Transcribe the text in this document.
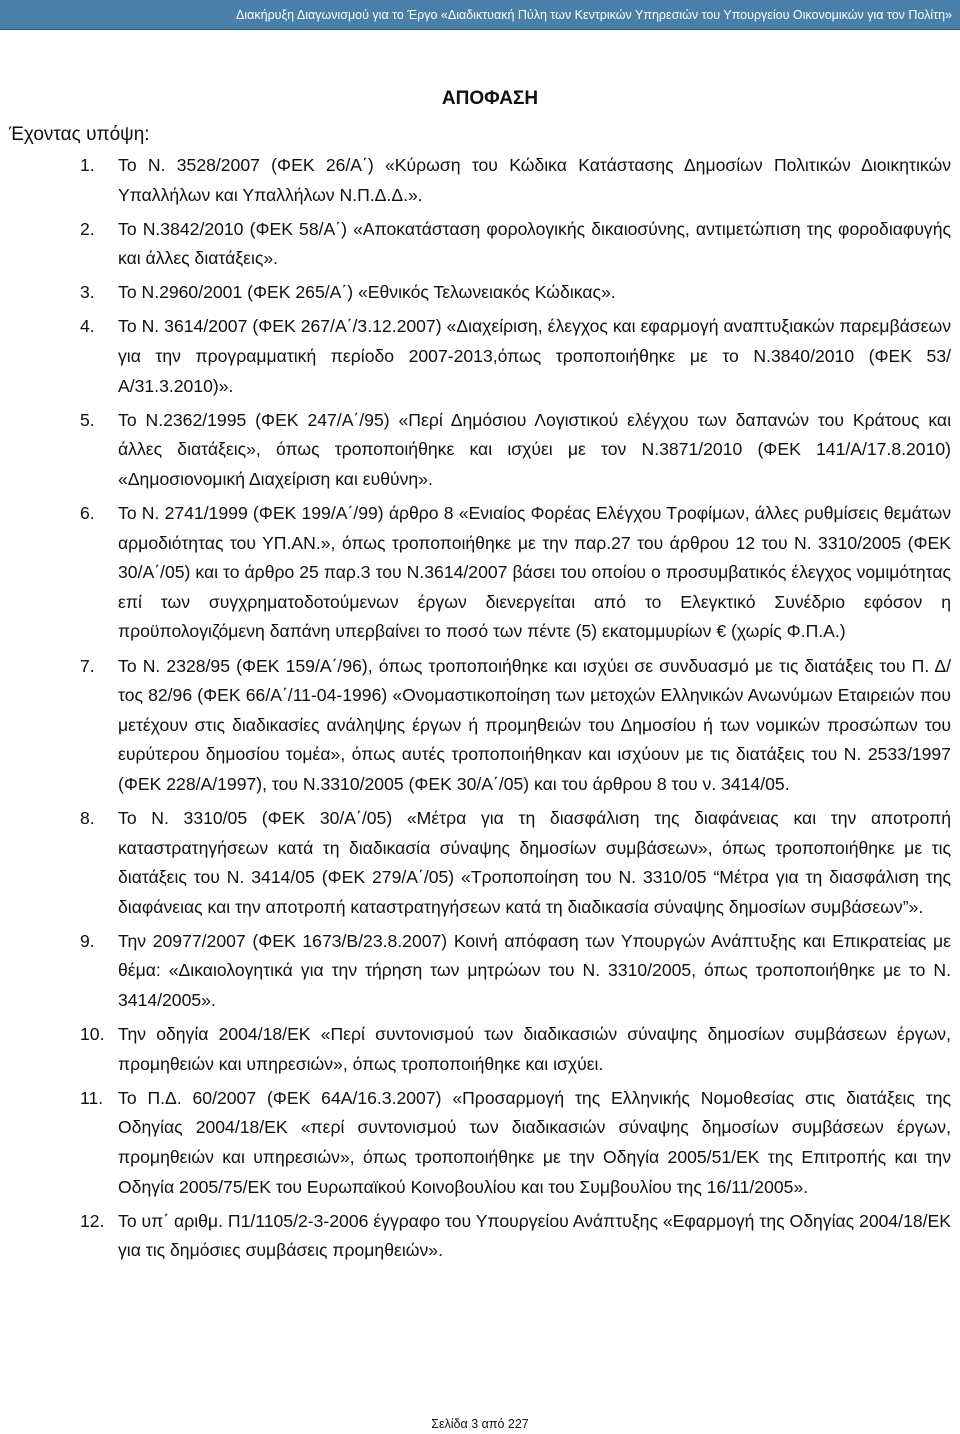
Διακήρυξη Διαγωνισμού για το Έργο «Διαδικτυακή Πύλη των Κεντρικών Υπηρεσιών του Υπουργείου Οικονομικών για τον Πολίτη»
ΑΠΟΦΑΣΗ
Έχοντας υπόψη:
1. Το Ν. 3528/2007 (ΦΕΚ 26/Α΄) «Κύρωση του Κώδικα Κατάστασης Δημοσίων Πολιτικών Διοικητικών Υπαλλήλων και Υπαλλήλων Ν.Π.Δ.Δ.».
2. Το Ν.3842/2010 (ΦΕΚ 58/Α΄) «Αποκατάσταση φορολογικής δικαιοσύνης, αντιμετώπιση της φοροδιαφυγής και άλλες διατάξεις».
3. Το Ν.2960/2001 (ΦΕΚ 265/Α΄) «Εθνικός Τελωνειακός Κώδικας».
4. Το Ν. 3614/2007 (ΦΕΚ 267/Α΄/3.12.2007) «Διαχείριση, έλεγχος και εφαρμογή αναπτυξιακών παρεμβάσεων για την προγραμματική περίοδο 2007-2013,όπως τροποποιήθηκε με το Ν.3840/2010 (ΦΕΚ 53/Α/31.3.2010)».
5. Το Ν.2362/1995 (ΦΕΚ 247/Α΄/95) «Περί Δημόσιου Λογιστικού ελέγχου των δαπανών του Κράτους και άλλες διατάξεις», όπως τροποποιήθηκε και ισχύει με τον Ν.3871/2010 (ΦΕΚ 141/Α/17.8.2010) «Δημοσιονομική Διαχείριση και ευθύνη».
6. Το Ν. 2741/1999 (ΦΕΚ 199/Α΄/99) άρθρο 8 «Ενιαίος Φορέας Ελέγχου Τροφίμων, άλλες ρυθμίσεις θεμάτων αρμοδιότητας του ΥΠ.ΑΝ.», όπως τροποποιήθηκε με την παρ.27 του άρθρου 12 του Ν. 3310/2005 (ΦΕΚ 30/Α΄/05) και το άρθρο 25 παρ.3 του Ν.3614/2007 βάσει του οποίου ο προσυμβατικός έλεγχος νομιμότητας επί των συγχρηματοδοτούμενων έργων διενεργείται από το Ελεγκτικό Συνέδριο εφόσον η προϋπολογιζόμενη δαπάνη υπερβαίνει το ποσό των πέντε (5) εκατομμυρίων € (χωρίς Φ.Π.Α.)
7. Το Ν. 2328/95 (ΦΕΚ 159/Α΄/96), όπως τροποποιήθηκε και ισχύει σε συνδυασμό με τις διατάξεις του Π. Δ/τος 82/96 (ΦΕΚ 66/Α΄/11-04-1996) «Ονομαστικοποίηση των μετοχών Ελληνικών Ανωνύμων Εταιρειών που μετέχουν στις διαδικασίες ανάληψης έργων ή προμηθειών του Δημοσίου ή των νομικών προσώπων του ευρύτερου δημοσίου τομέα», όπως αυτές τροποποιήθηκαν και ισχύουν με τις διατάξεις του Ν. 2533/1997 (ΦΕΚ 228/Α/1997), του Ν.3310/2005 (ΦΕΚ 30/Α΄/05) και του άρθρου 8 του ν. 3414/05.
8. Το Ν. 3310/05 (ΦΕΚ 30/Α΄/05) «Μέτρα για τη διασφάλιση της διαφάνειας και την αποτροπή καταστρατηγήσεων κατά τη διαδικασία σύναψης δημοσίων συμβάσεων», όπως τροποποιήθηκε με τις διατάξεις του Ν. 3414/05 (ΦΕΚ 279/Α΄/05) «Τροποποίηση του Ν. 3310/05 “Μέτρα για τη διασφάλιση της διαφάνειας και την αποτροπή καταστρατηγήσεων κατά τη διαδικασία σύναψης δημοσίων συμβάσεων”».
9. Την 20977/2007 (ΦΕΚ 1673/Β/23.8.2007) Κοινή απόφαση των Υπουργών Ανάπτυξης και Επικρατείας με θέμα: «Δικαιολογητικά για την τήρηση των μητρώων του Ν. 3310/2005, όπως τροποποιήθηκε με το Ν. 3414/2005».
10. Την οδηγία 2004/18/ΕΚ «Περί συντονισμού των διαδικασιών σύναψης δημοσίων συμβάσεων έργων, προμηθειών και υπηρεσιών», όπως τροποποιήθηκε και ισχύει.
11. Το Π.Δ. 60/2007 (ΦΕΚ 64Α/16.3.2007) «Προσαρμογή της Ελληνικής Νομοθεσίας στις διατάξεις της Οδηγίας 2004/18/ΕΚ «περί συντονισμού των διαδικασιών σύναψης δημοσίων συμβάσεων έργων, προμηθειών και υπηρεσιών», όπως τροποποιήθηκε με την Οδηγία 2005/51/ΕΚ της Επιτροπής και την Οδηγία 2005/75/ΕΚ του Ευρωπαϊκού Κοινοβουλίου και του Συμβουλίου της 16/11/2005».
12. Το υπ΄ αριθμ. Π1/1105/2-3-2006 έγγραφο του Υπουργείου Ανάπτυξης «Εφαρμογή της Οδηγίας 2004/18/ΕΚ για τις δημόσιες συμβάσεις προμηθειών».
Σελίδα 3 από 227
